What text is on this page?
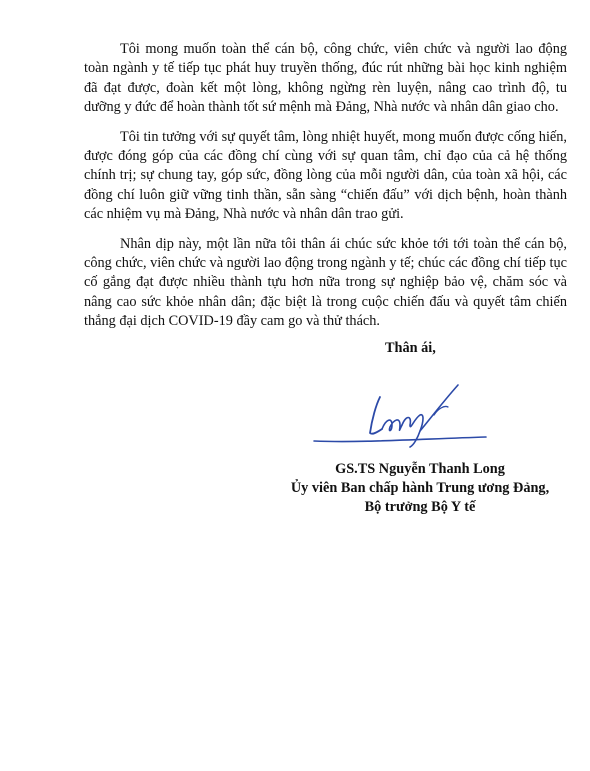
Tôi mong muốn toàn thể cán bộ, công chức, viên chức và người lao động toàn ngành y tế tiếp tục phát huy truyền thống, đúc rút những bài học kinh nghiệm đã đạt được, đoàn kết một lòng, không ngừng rèn luyện, nâng cao trình độ, tu dưỡng y đức để hoàn thành tốt sứ mệnh mà Đảng, Nhà nước và nhân dân giao cho.

Tôi tin tưởng với sự quyết tâm, lòng nhiệt huyết, mong muốn được cống hiến, được đóng góp của các đồng chí cùng với sự quan tâm, chỉ đạo của cả hệ thống chính trị; sự chung tay, góp sức, đồng lòng của mỗi người dân, của toàn xã hội, các đồng chí luôn giữ vững tinh thần, sẵn sàng “chiến đấu” với dịch bệnh, hoàn thành các nhiệm vụ mà Đảng, Nhà nước và nhân dân trao gửi.

Nhân dịp này, một lần nữa tôi thân ái chúc sức khỏe tới tới toàn thể cán bộ, công chức, viên chức và người lao động trong ngành y tế; chúc các đồng chí tiếp tục cố gắng đạt được nhiều thành tựu hơn nữa trong sự nghiệp bảo vệ, chăm sóc và nâng cao sức khỏe nhân dân; đặc biệt là trong cuộc chiến đấu và quyết tâm chiến thắng đại dịch COVID-19 đầy cam go và thử thách.

Thân ái,
GS.TS Nguyễn Thanh Long
Ủy viên Ban chấp hành Trung ương Đảng,
Bộ trưởng Bộ Y tế
